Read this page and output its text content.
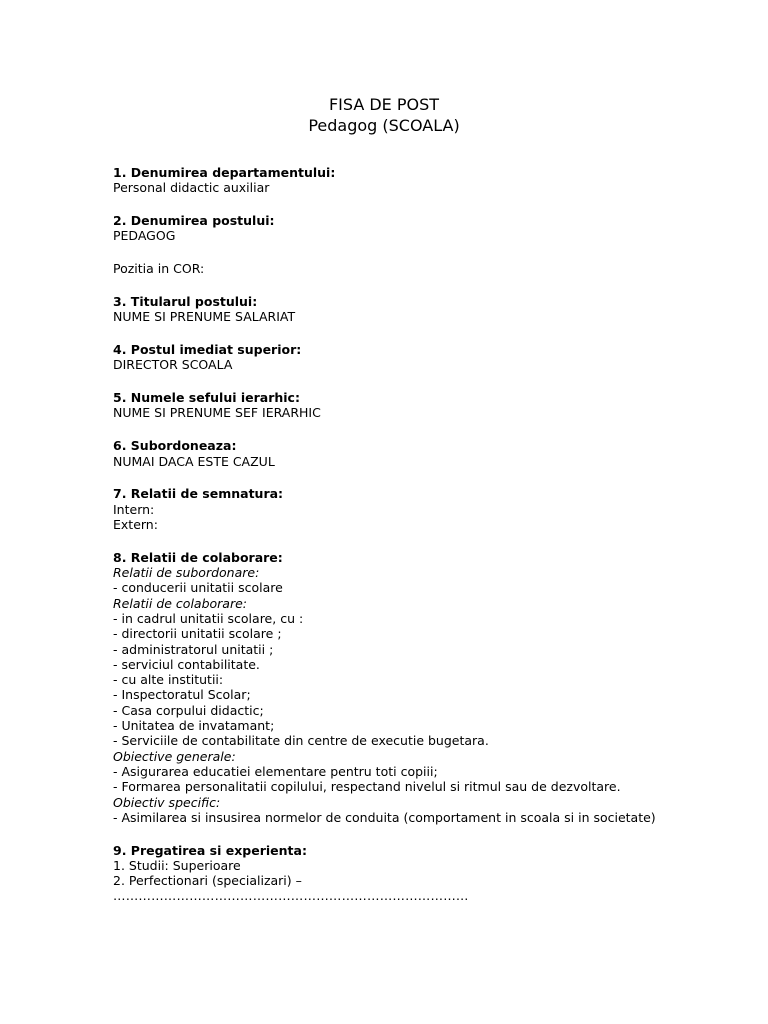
FISA DE POST
Pedagog (SCOALA)
1. Denumirea departamentului:
Personal didactic auxiliar
2. Denumirea postului:
PEDAGOG
Pozitia in COR:
3. Titularul postului:
NUME SI PRENUME SALARIAT
4. Postul imediat superior:
DIRECTOR SCOALA
5. Numele sefului ierarhic:
NUME SI PRENUME SEF IERARHIC
6. Subordoneaza:
NUMAI DACA ESTE CAZUL
7. Relatii de semnatura:
Intern:
Extern:
8. Relatii de colaborare:
Relatii de subordonare:
- conducerii unitatii scolare
Relatii de colaborare:
- in cadrul unitatii scolare, cu :
- directorii unitatii scolare ;
- administratorul unitatii ;
- serviciul contabilitate.
- cu alte institutii:
- Inspectoratul Scolar;
- Casa corpului didactic;
- Unitatea de invatamant;
- Serviciile de contabilitate din centre de executie bugetara.
Obiective generale:
- Asigurarea educatiei elementare pentru toti copiii;
- Formarea personalitatii copilului, respectand nivelul si ritmul sau de dezvoltare.
Obiectiv specific:
- Asimilarea si insusirea normelor de conduita (comportament in scoala si in societate)
9. Pregatirea si experienta:
1. Studii: Superioare
2. Perfectionari (specializari) –
…………………………………………………………………………
